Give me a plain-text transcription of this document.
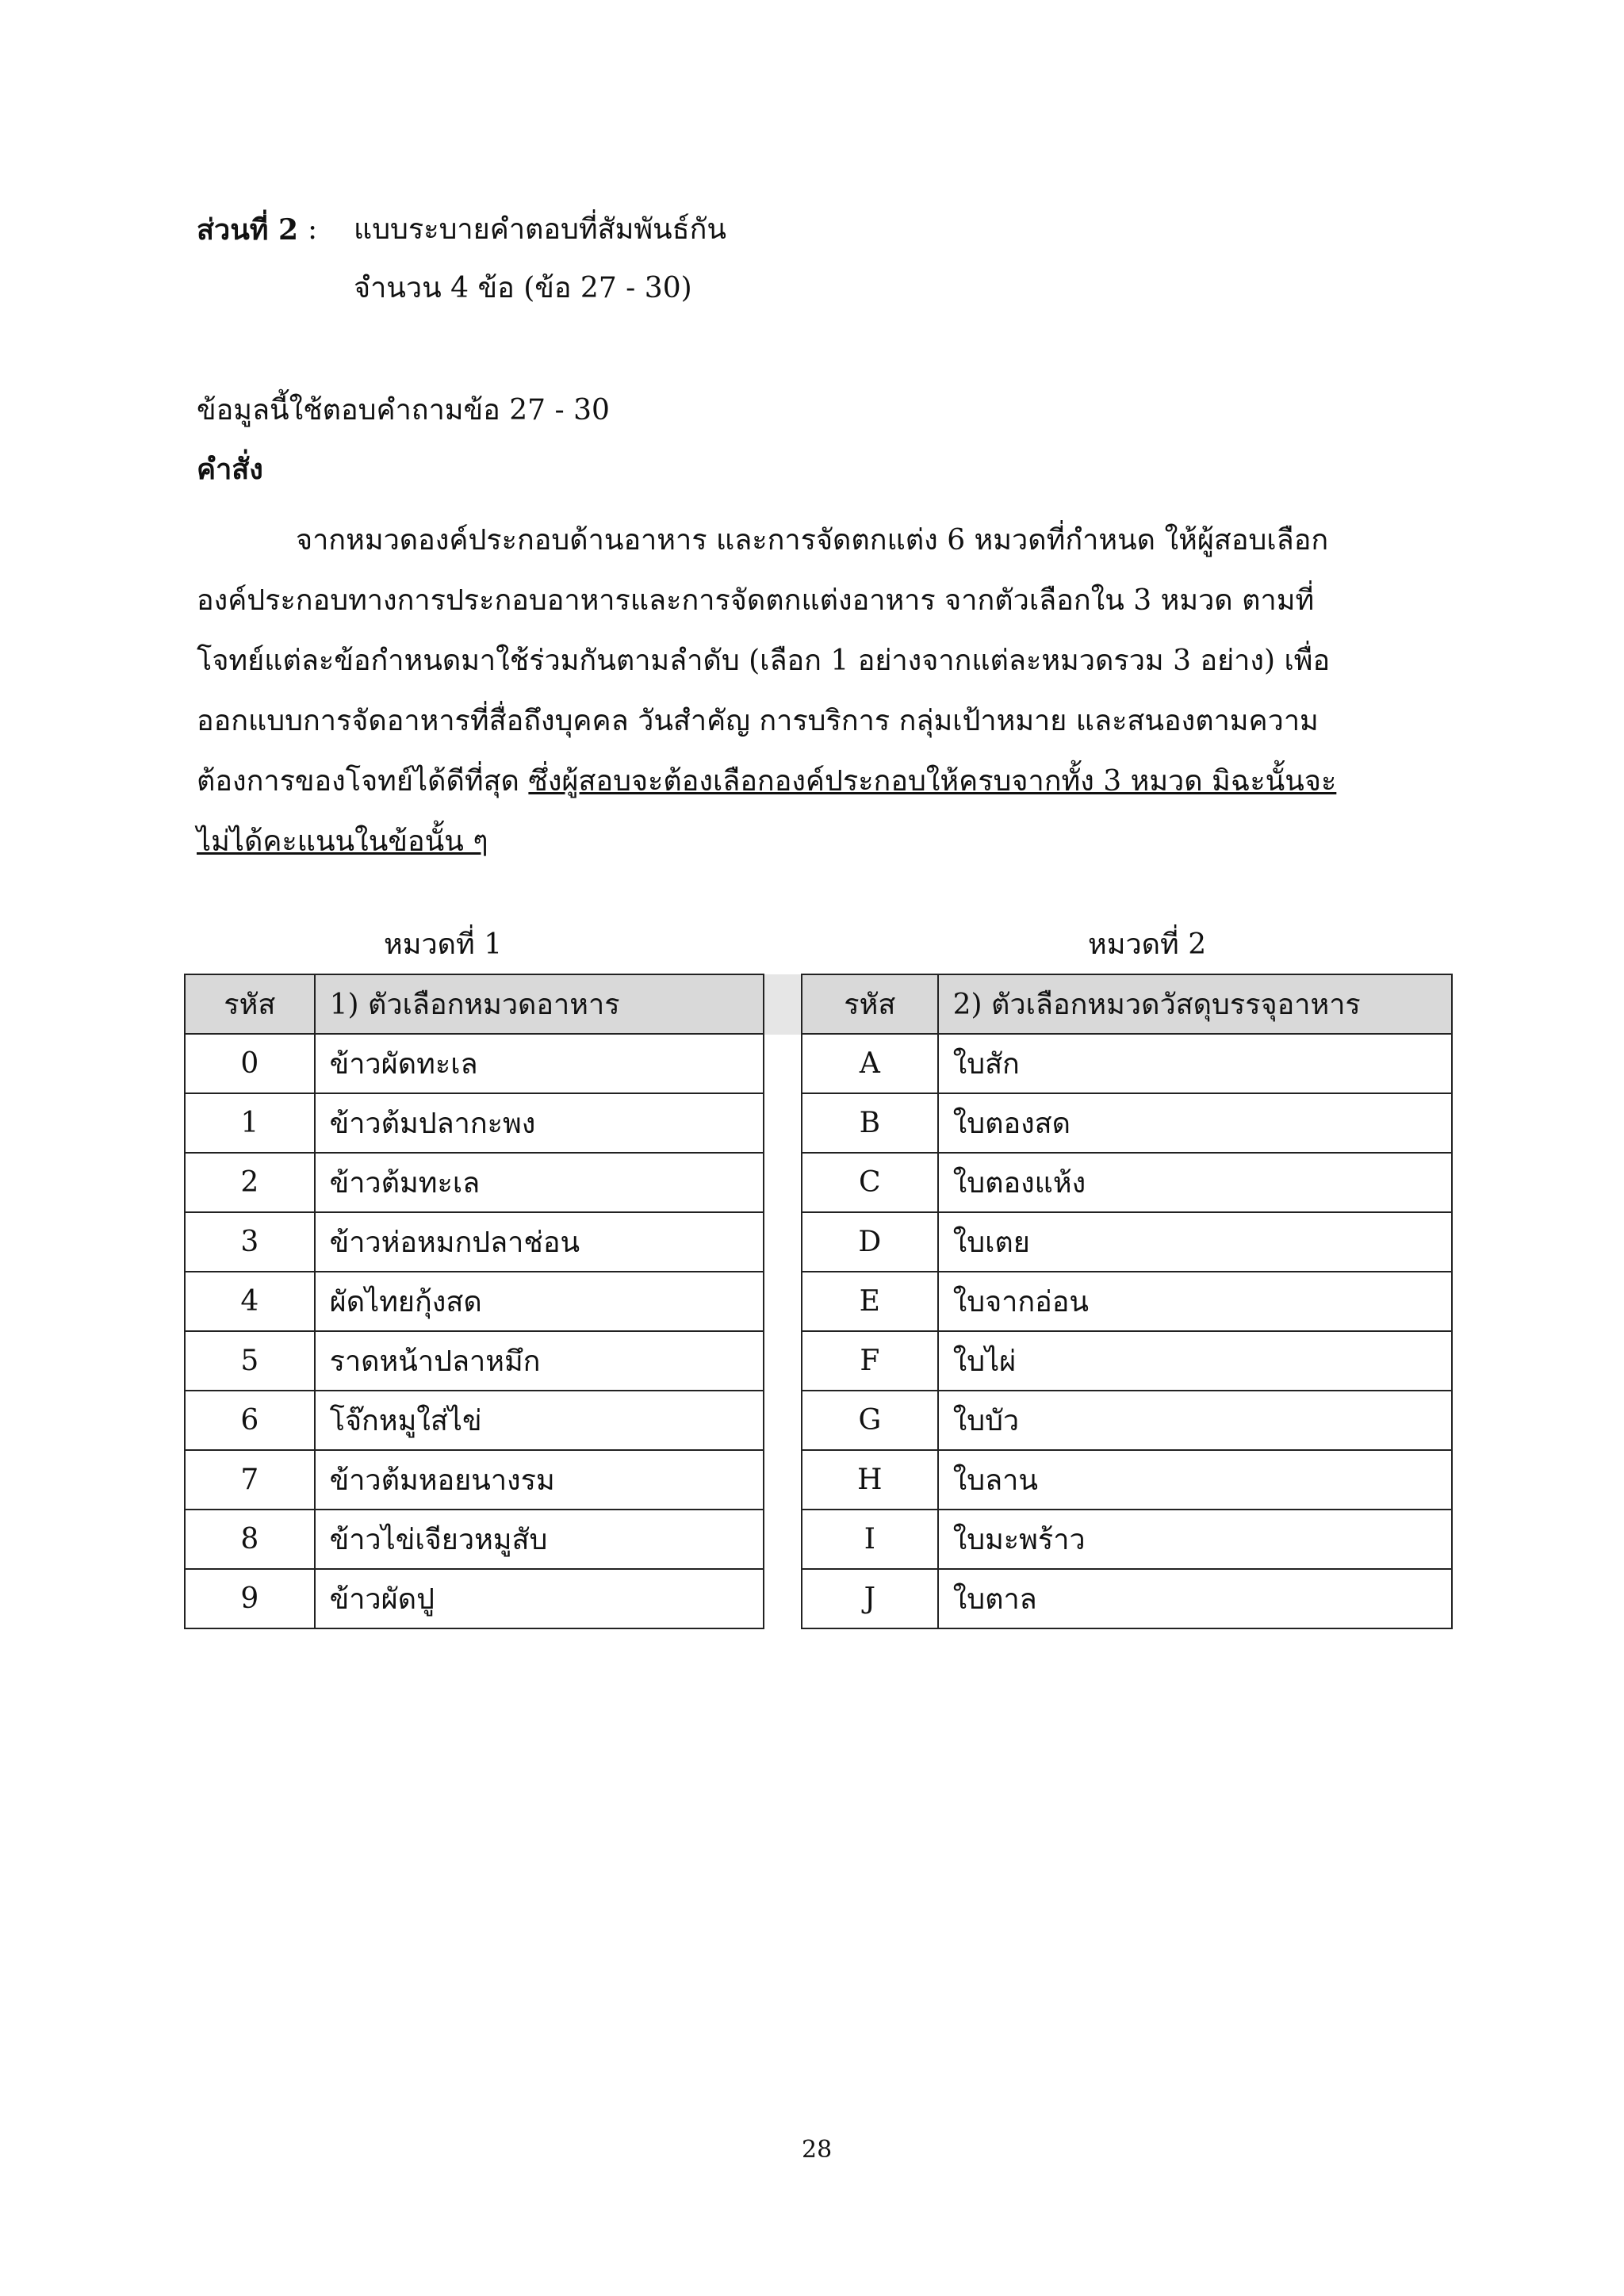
ส่วนที่ 2 : แบบระบายคำตอบที่สัมพันธ์กัน
จำนวน 4 ข้อ (ข้อ 27 - 30)
ข้อมูลนี้ใช้ตอบคำถามข้อ 27 - 30
คำสั่ง
จากหมวดองค์ประกอบด้านอาหาร และการจัดตกแต่ง 6 หมวดที่กำหนด ให้ผู้สอบเลือก องค์ประกอบทางการประกอบอาหารและการจัดตกแต่งอาหาร จากตัวเลือกใน 3 หมวด ตามที่โจทย์แต่ละข้อกำหนดมาใช้ร่วมกันตามลำดับ (เลือก 1 อย่างจากแต่ละหมวดรวม 3 อย่าง) เพื่อออกแบบการจัดอาหารที่สื่อถึงบุคคล วันสำคัญ การบริการ กลุ่มเป้าหมาย และสนองตามความต้องการของโจทย์ได้ดีที่สุด ซึ่งผู้สอบจะต้องเลือกองค์ประกอบให้ครบจากทั้ง 3 หมวด มิฉะนั้นจะไม่ได้คะแนนในข้อนั้น ๆ
หมวดที่ 1	หมวดที่ 2
รหัส	1) ตัวเลือกหมวดอาหาร
0	ข้าวผัดทะเล
1	ข้าวต้มปลากะพง
2	ข้าวต้มทะเล
3	ข้าวห่อหมกปลาช่อน
4	ผัดไทยกุ้งสด
5	ราดหน้าปลาหมึก
6	โจ๊กหมูใส่ไข่
7	ข้าวต้มหอยนางรม
8	ข้าวไข่เจียวหมูสับ
9	ข้าวผัดปู
รหัส	2) ตัวเลือกหมวดวัสดุบรรจุอาหาร
A	ใบสัก
B	ใบตองสด
C	ใบตองแห้ง
D	ใบเตย
E	ใบจากอ่อน
F	ใบไผ่
G	ใบบัว
H	ใบลาน
I	ใบมะพร้าว
J	ใบตาล
28
